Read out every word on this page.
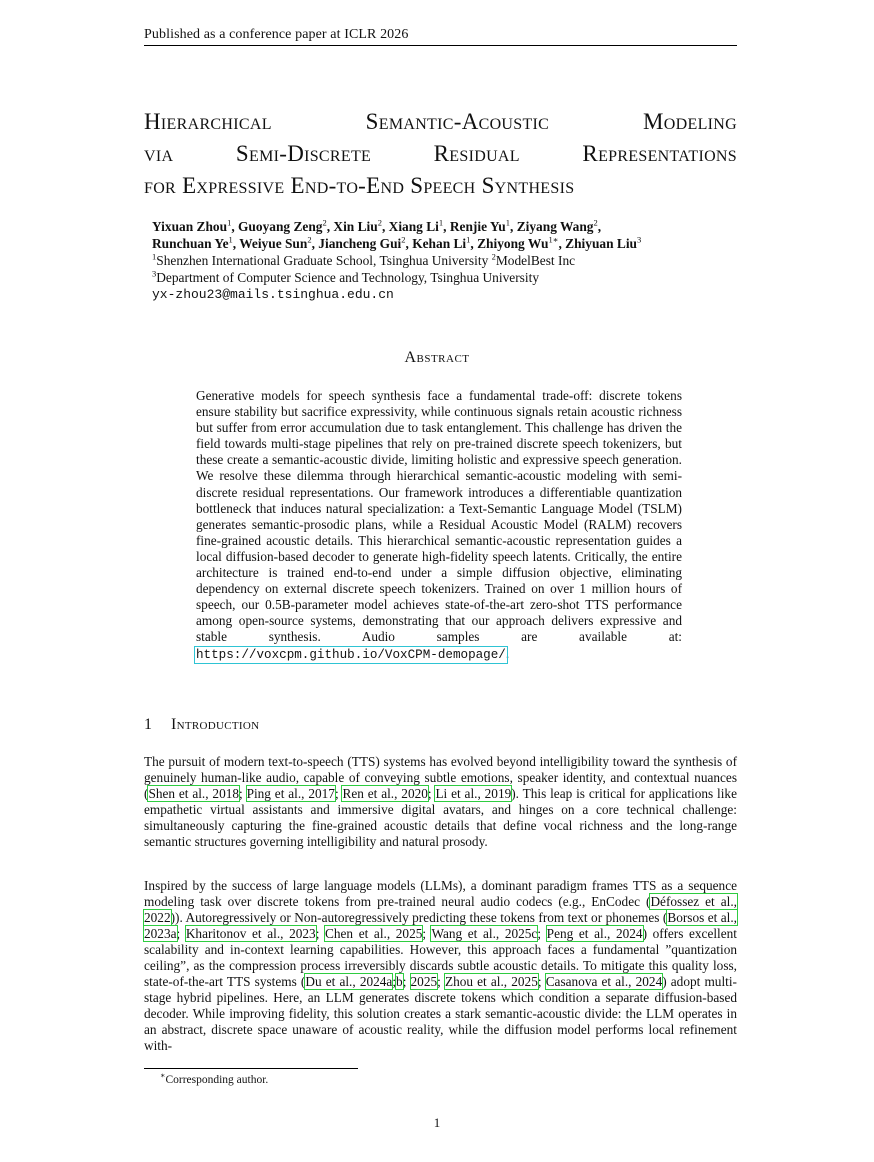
Published as a conference paper at ICLR 2026
Hierarchical Semantic-Acoustic Modeling
via Semi-Discrete Residual Representations
for Expressive End-to-End Speech Synthesis
Yixuan Zhou$^1$, Guoyang Zeng$^2$, Xin Liu$^2$, Xiang Li$^1$, Renjie Yu$^1$, Ziyang Wang$^2$,
Runchuan Ye$^1$, Weiyue Sun$^2$, Jiancheng Gui$^2$, Kehan Li$^1$, Zhiyong $Wu^{1∗}$, Zhiyuan Liu$^3$
$^1$Shenzhen International Graduate School, Tsinghua University $^2$ModelBest Inc
$^3$Department of Computer Science and Technology, Tsinghua University
yx-zhou23@mails.tsinghua.edu.cn
Abstract
Generative models for speech synthesis face a fundamental trade-off: discrete tokens ensure stability but sacrifice expressivity, while continuous signals retain acoustic richness but suffer from error accumulation due to task entanglement. This challenge has driven the field towards multi-stage pipelines that rely on pre-trained discrete speech tokenizers, but these create a semantic-acoustic divide, limiting holistic and expressive speech generation. We resolve these dilemma through hierarchical semantic-acoustic modeling with semi-discrete residual representations. Our framework introduces a differentiable quantization bottleneck that induces natural specialization: a Text-Semantic Language Model (TSLM) generates semantic-prosodic plans, while a Residual Acoustic Model (RALM) recovers fine-grained acoustic details. This hierarchical semantic-acoustic representation guides a local diffusion-based decoder to generate high-fidelity speech latents. Critically, the entire architecture is trained end-to-end under a simple diffusion objective, eliminating dependency on external discrete speech tokenizers. Trained on over 1 million hours of speech, our 0.5B-parameter model achieves state-of-the-art zero-shot TTS performance among open-source systems, demonstrating that our approach delivers expressive and stable synthesis. Audio samples are available at: https://voxcpm.github.io/VoxCPM-demopage/.
1 Introduction
The pursuit of modern text-to-speech (TTS) systems has evolved beyond intelligibility toward the synthesis of genuinely human-like audio, capable of conveying subtle emotions, speaker identity, and contextual nuances (Shen et al., 2018; Ping et al., 2017; Ren et al., 2020; Li et al., 2019). This leap is critical for applications like empathetic virtual assistants and immersive digital avatars, and hinges on a core technical challenge: simultaneously capturing the fine-grained acoustic details that define vocal richness and the long-range semantic structures governing intelligibility and natural prosody.
Inspired by the success of large language models (LLMs), a dominant paradigm frames TTS as a sequence modeling task over discrete tokens from pre-trained neural audio codecs (e.g., EnCodec (Défossez et al., 2022)). Autoregressively or Non-autoregressively predicting these tokens from text or phonemes (Borsos et al., 2023a; Kharitonov et al., 2023; Chen et al., 2025; Wang et al., 2025c; Peng et al., 2024) offers excellent scalability and in-context learning capabilities. However, this approach faces a fundamental ”quantization ceiling”, as the compression process irreversibly discards subtle acoustic details. To mitigate this quality loss, state-of-the-art TTS systems (Du et al., 2024a;b; 2025; Zhou et al., 2025; Casanova et al., 2024) adopt multi-stage hybrid pipelines. Here, an LLM generates discrete tokens which condition a separate diffusion-based decoder. While improving fidelity, this solution creates a stark semantic-acoustic divide: the LLM operates in an abstract, discrete space unaware of acoustic reality, while the diffusion model performs local refinement with-
∗Corresponding author.
1
